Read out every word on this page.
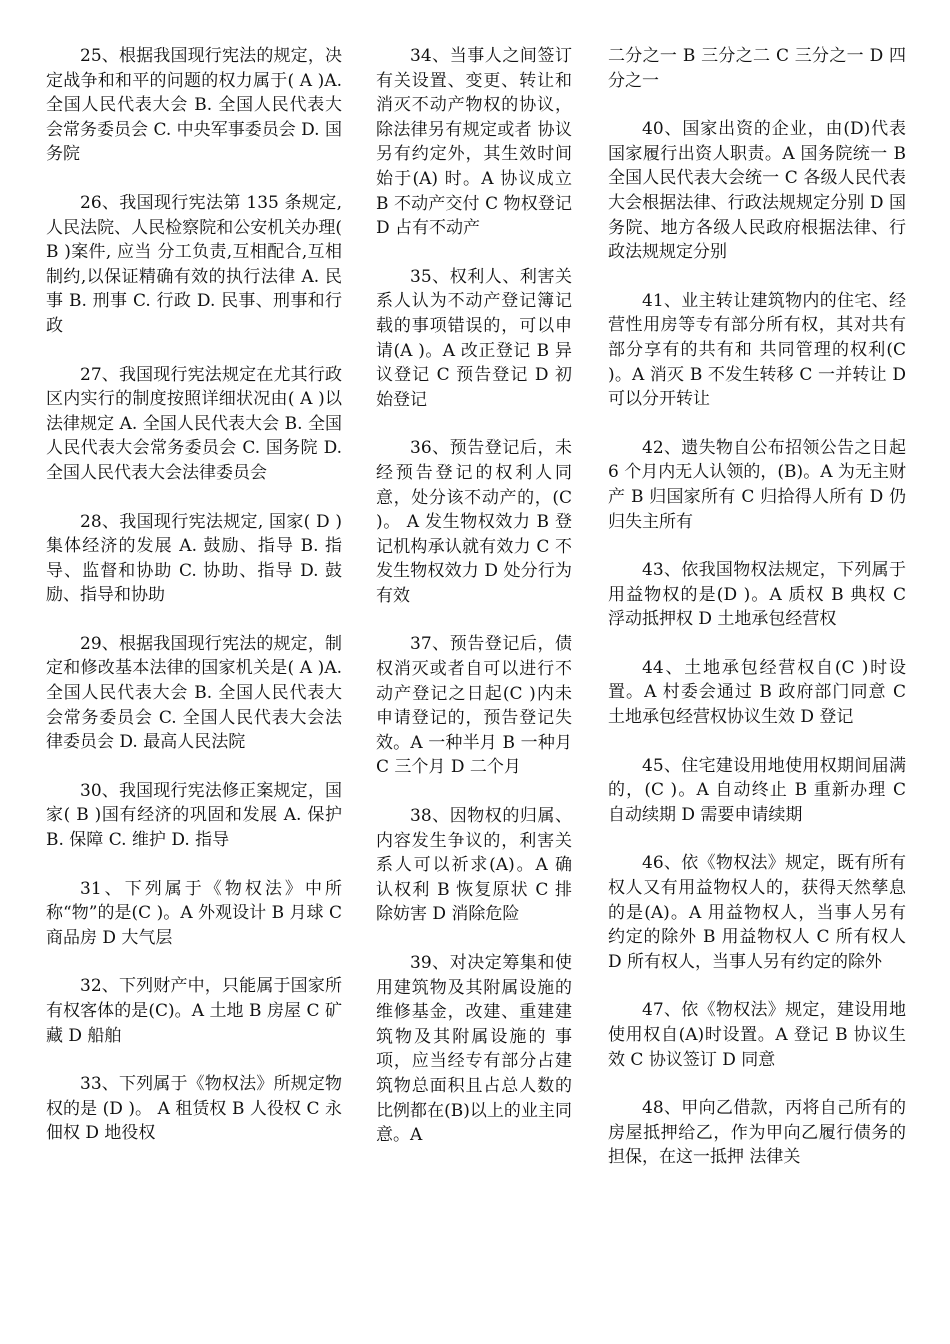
25、根据我国现行宪法的规定，决定战争和和平的问题的权力属于( A )A. 全国人民代表大会 B. 全国人民代表大会常务委员会 C. 中央军事委员会 D. 国 务院

26、我国现行宪法第 135 条规定,人民法院、人民检察院和公安机关办理( B )案件, 应当 分工负责,互相配合,互相制约,以保证精确有效的执行法律 A. 民事 B. 刑事 C. 行政 D. 民事、刑事和行政

27、我国现行宪法规定在尤其行政区内实行的制度按照详细状况由( A )以法律规定 A. 全国人民代表大会 B. 全国人民代表大会常务委员会 C. 国务院 D. 全国人民代表大会法律委员会

28、我国现行宪法规定, 国家( D )集体经济的发展 A. 鼓励、指导 B. 指导、监督和协助 C. 协助、指导 D. 鼓励、指导和协助

29、根据我国现行宪法的规定，制定和修改基本法律的国家机关是( A )A. 全国人民代表大会 B. 全国人民代表大会常务委员会 C. 全国人民代表大会法律委员会 D. 最高人民法院

30、我国现行宪法修正案规定，国家( B )国有经济的巩固和发展 A. 保护 B. 保障 C. 维护 D. 指导

31、下列属于《物权法》中所称“物”的是(C )。A 外观设计 B 月球 C 商品房 D 大气层

32、下列财产中，只能属于国家所有权客体的是(C)。A 土地 B 房屋 C 矿藏 D 船舶

33、下列属于《物权法》所规定物权的是 (D )。 A 租赁权 B 人役权 C 永佃权 D 地役权

34、当事人之间签订有关设置、变更、转让和消灭不动产物权的协议，除法律另有规定或者 协议另有约定外，其生效时间始于(A) 时。A 协议成立 B 不动产交付 C 物权登记 D 占有不动产

35、权利人、利害关系人认为不动产登记簿记载的事项错误的，可以申请(A )。A 改正登记 B 异议登记 C 预告登记 D 初始登记

36、预告登记后，未经预告登记的权利人同意，处分该不动产的，(C )。 A 发生物权效力 B 登记机构承认就有效力 C 不发生物权效力 D 处分行为有效

37、预告登记后，债权消灭或者自可以进行不动产登记之日起(C )内未申请登记的，预告登记失效。A 一种半月 B 一种月 C 三个月 D 二个月

38、因物权的归属、内容发生争议的，利害关系人可以祈求(A)。A 确认权利 B 恢复原状 C 排除妨害 D 消除危险

39、对决定筹集和使用建筑物及其附属设施的维修基金，改建、重建建筑物及其附属设施的 事项，应当经专有部分占建筑物总面积且占总人数的比例都在(B)以上的业主同意。A

二分之一 B 三分之二 C 三分之一 D 四分之一

40、国家出资的企业，由(D)代表国家履行出资人职责。A 国务院统一 B 全国人民代表大会统一 C 各级人民代表大会根据法律、行政法规规定分别 D 国务院、地方各级人民政府根据法律、行政法规规定分别

41、业主转让建筑物内的住宅、经营性用房等专有部分所有权，其对共有部分享有的共有和 共同管理的权利(C )。A 消灭 B 不发生转移 C 一并转让 D 可以分开转让

42、遗失物自公布招领公告之日起 6 个月内无人认领的，(B)。A 为无主财产 B 归国家所有 C 归拾得人所有 D 仍归失主所有

43、依我国物权法规定，下列属于用益物权的是(D )。A 质权 B 典权 C 浮动抵押权 D 土地承包经营权

44、土地承包经营权自(C )时设置。A 村委会通过 B 政府部门同意 C 土地承包经营权协议生效 D 登记

45、住宅建设用地使用权期间届满的，(C )。A 自动终止 B 重新办理 C 自动续期 D 需要申请续期

46、依《物权法》规定，既有所有权人又有用益物权人的，获得天然孳息的是(A)。A 用益物权人，当事人另有约定的除外 B 用益物权人 C 所有权人 D 所有权人，当事人另有约定的除外

47、依《物权法》规定，建设用地使用权自(A)时设置。A 登记 B 协议生效 C 协议签订 D 同意

48、甲向乙借款，丙将自己所有的房屋抵押给乙，作为甲向乙履行债务的担保，在这一抵押 法律关
